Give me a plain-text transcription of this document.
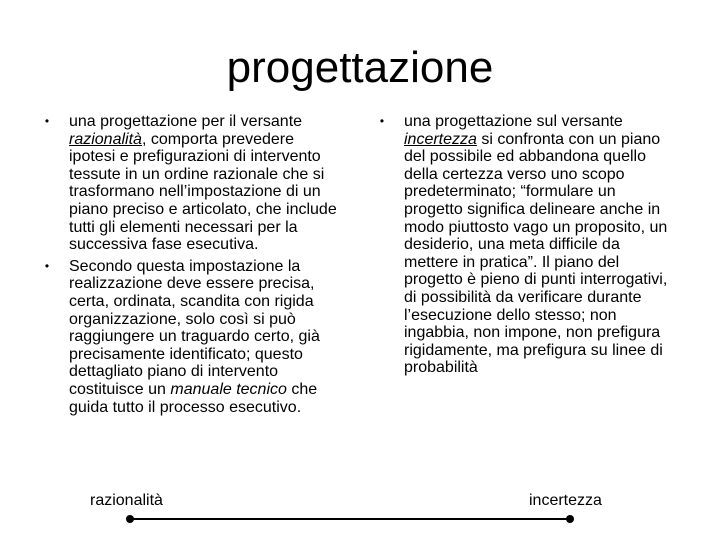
progettazione
•	una progettazione per il versante razionalità, comporta prevedere ipotesi e prefigurazioni di intervento tessute in un ordine razionale che si trasformano nell’impostazione di un piano preciso e articolato, che include tutti gli elementi necessari per la successiva fase esecutiva.
•	Secondo questa impostazione la realizzazione deve essere precisa, certa, ordinata, scandita con rigida organizzazione, solo così si può raggiungere un traguardo certo, già precisamente identificato; questo dettagliato piano di intervento costituisce un manuale tecnico che guida tutto il processo esecutivo.
•	una progettazione sul versante incertezza si confronta con un piano del possibile ed abbandona quello della certezza verso uno scopo predeterminato; “formulare un progetto significa delineare anche in modo piuttosto vago un proposito, un desiderio, una meta difficile da mettere in pratica”. Il piano del progetto è pieno di punti interrogativi, di possibilità da verificare durante l’esecuzione dello stesso; non ingabbia, non impone, non prefigura rigidamente, ma prefigura su linee di probabilità
razionalità	incertezza
